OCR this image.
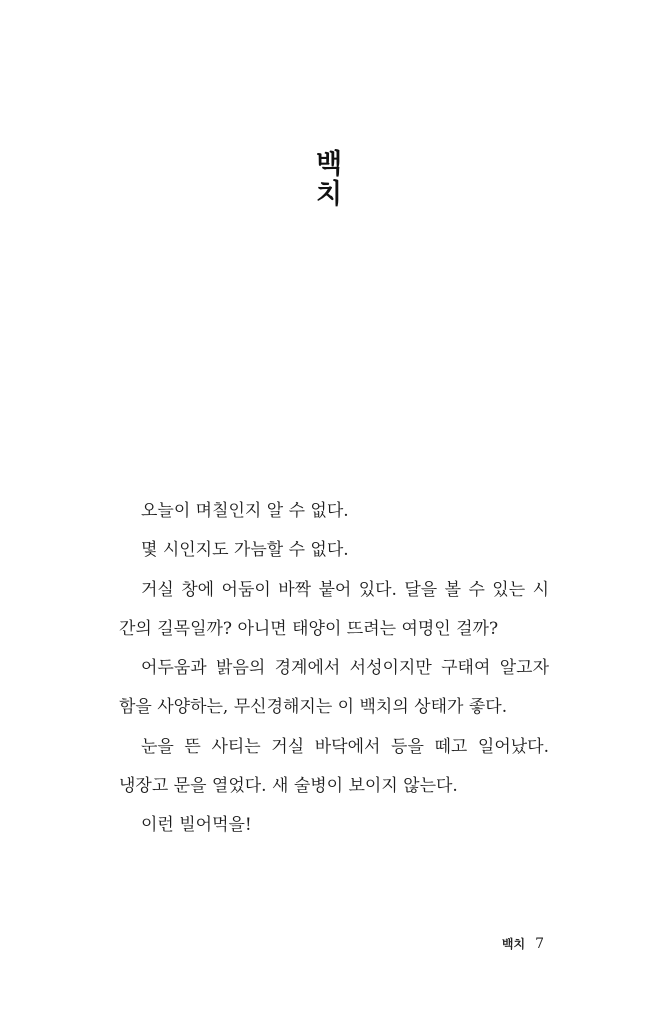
백
치
오늘이 며칠인지 알 수 없다.
몇 시인지도 가늠할 수 없다.
거실 창에 어둠이 바짝 붙어 있다. 달을 볼 수 있는 시
간의 길목일까? 아니면 태양이 뜨려는 여명인 걸까?
어두움과 밝음의 경계에서 서성이지만 구태여 알고자
함을 사양하는, 무신경해지는 이 백치의 상태가 좋다.
눈을 뜬 사티는 거실 바닥에서 등을 떼고 일어났다.
냉장고 문을 열었다. 새 술병이 보이지 않는다.
이런 빌어먹을!
백치 7
